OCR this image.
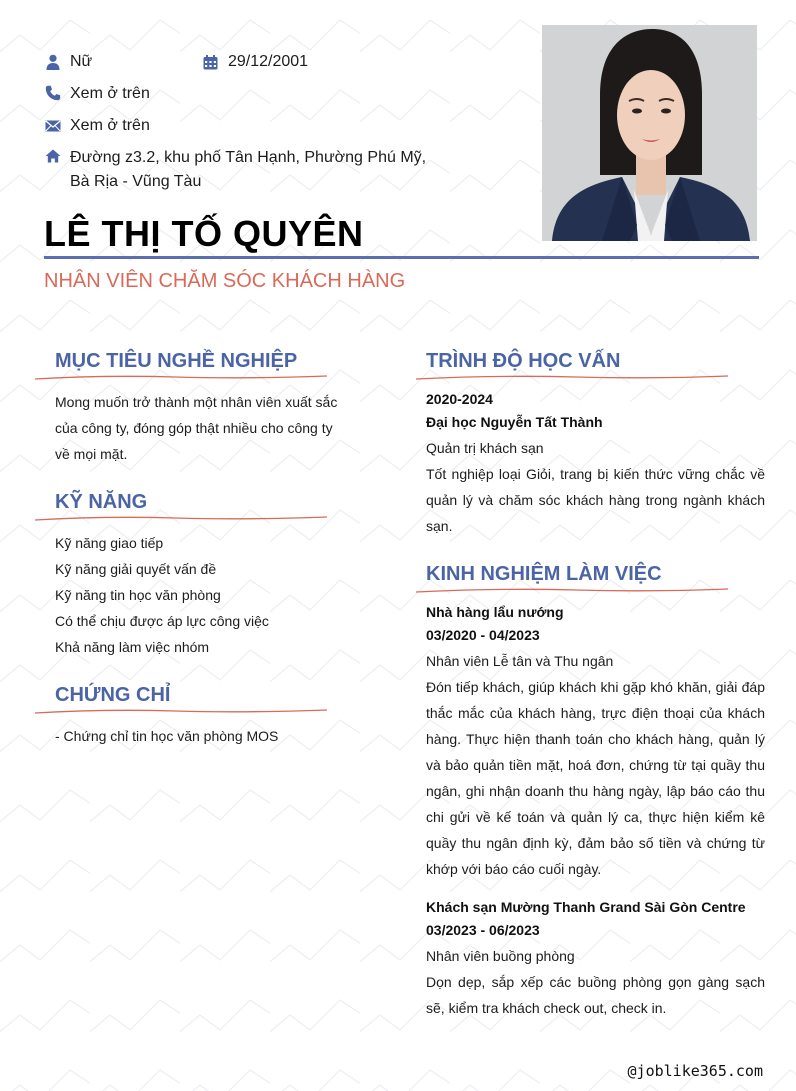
Nữ	29/12/2001
Xem ở trên
Xem ở trên
Đường z3.2, khu phố Tân Hạnh, Phường Phú Mỹ, Bà Rịa - Vũng Tàu
LÊ THỊ TỐ QUYÊN
NHÂN VIÊN CHĂM SÓC KHÁCH HÀNG
MỤC TIÊU NGHỀ NGHIỆP
Mong muốn trở thành một nhân viên xuất sắc của công ty, đóng góp thật nhiều cho công ty về mọi mặt.
KỸ NĂNG
Kỹ năng giao tiếp
Kỹ năng giải quyết vấn đề
Kỹ năng tin học văn phòng
Có thể chịu được áp lực công việc
Khả năng làm việc nhóm
CHỨNG CHỈ
- Chứng chỉ tin học văn phòng MOS
TRÌNH ĐỘ HỌC VẤN
2020-2024
Đại học Nguyễn Tất Thành
Quản trị khách sạn
Tốt nghiệp loại Giỏi, trang bị kiến thức vững chắc về quản lý và chăm sóc khách hàng trong ngành khách sạn.
KINH NGHIỆM LÀM VIỆC
Nhà hàng lẩu nướng
03/2020 - 04/2023
Nhân viên Lễ tân và Thu ngân
Đón tiếp khách, giúp khách khi gặp khó khăn, giải đáp thắc mắc của khách hàng, trực điện thoại của khách hàng. Thực hiện thanh toán cho khách hàng, quản lý và bảo quản tiền mặt, hoá đơn, chứng từ tại quầy thu ngân, ghi nhận doanh thu hàng ngày, lập báo cáo thu chi gửi về kế toán và quản lý ca, thực hiện kiểm kê quầy thu ngân định kỳ, đảm bảo số tiền và chứng từ khớp với báo cáo cuối ngày.
Khách sạn Mường Thanh Grand Sài Gòn Centre
03/2023 - 06/2023
Nhân viên buồng phòng
Dọn dẹp, sắp xếp các buồng phòng gọn gàng sạch sẽ, kiểm tra khách check out, check in.
@joblike365.com
